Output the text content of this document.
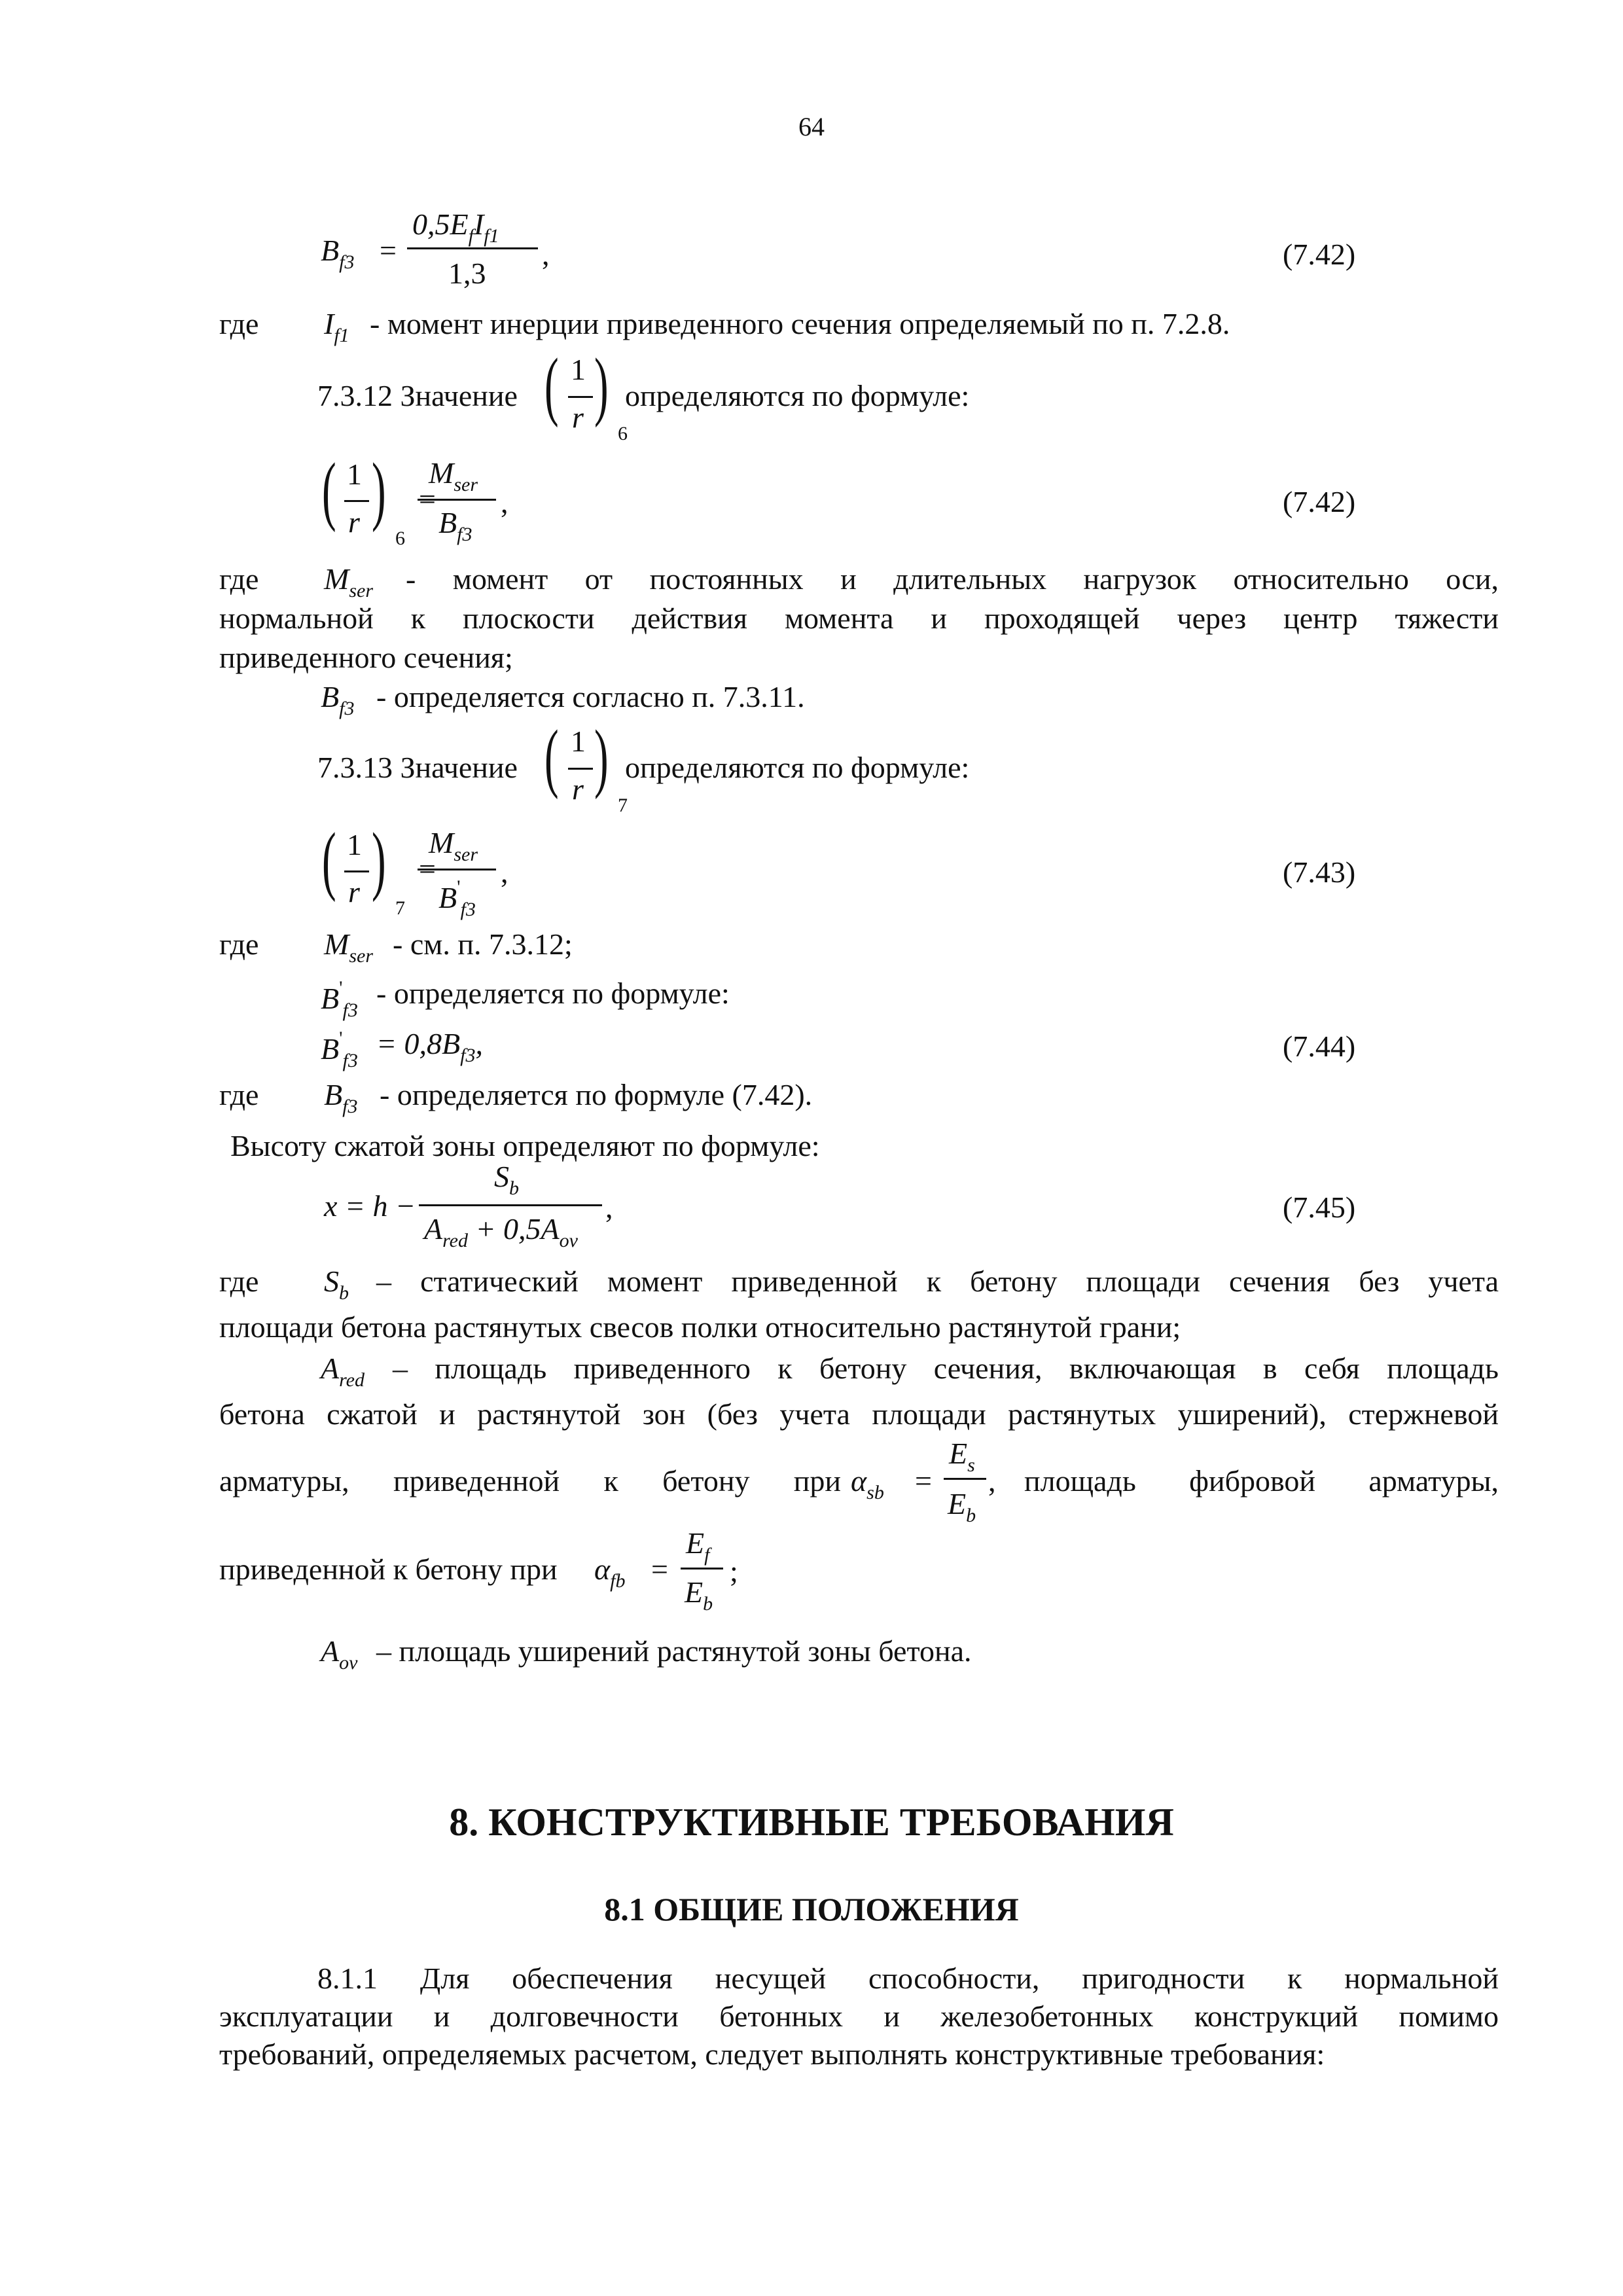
64
$B_{f3}$ =
$0,5E_fI_{f1}$
1,3
,	(7.42)
где $I_{f1}$ - момент инерции приведенного сечения определяемый по п. 7.2.8.
7.3.12 Значение ( 1
r )
6
определяются по формуле:
( 1
r )
6
=
$M_{ser}$
$B_{f3}$
,	(7.42)
где $M_{ser}$ - момент от постоянных и длительных нагрузок относительно оси,
нормальной к плоскости действия момента и проходящей через центр тяжести
приведенного сечения;
$B_{f3}$ - определяется согласно п. 7.3.11.
7.3.13 Значение ( 1
r )
7
определяются по формуле:
( 1
r )
7
=
$M_{ser}$
$B'_{f3}$
,	(7.43)
где $M_{ser}$ - см. п. 7.3.12;
$B'_{f3}$
- определяется по формуле:
$B'_{f3}$
= $0,8B_{f3}$,	(7.44)
где $B_{f3}$ - определяется по формуле (7.42).
Высоту сжатой зоны определяют по формуле:
x = h −
$S_b$
$A_{red} + 0,5A_{ov}$
,	(7.45)
где $S_b$ – статический момент приведенной к бетону площади сечения без учета
площади бетона растянутых свесов полки относительно растянутой грани;
$A_{red}$ – площадь приведенного к бетону сечения, включающая в себя площадь
бетона сжатой и растянутой зон (без учета площади растянутых уширений), стержневой
арматуры, приведенной к бетону при $\alpha_{sb}$ =
$E_s$
$E_b$
, площадь фибровой арматуры,
приведенной к бетону при $\alpha_{fb}$ =
$E_f$
$E_b$
;
$A_{ov}$ – площадь уширений растянутой зоны бетона.
8. КОНСТРУКТИВНЫЕ ТРЕБОВАНИЯ
8.1 ОБЩИЕ ПОЛОЖЕНИЯ
8.1.1 Для обеспечения несущей способности, пригодности к нормальной
эксплуатации и долговечности бетонных и железобетонных конструкций помимо
требований, определяемых расчетом, следует выполнять конструктивные требования:
